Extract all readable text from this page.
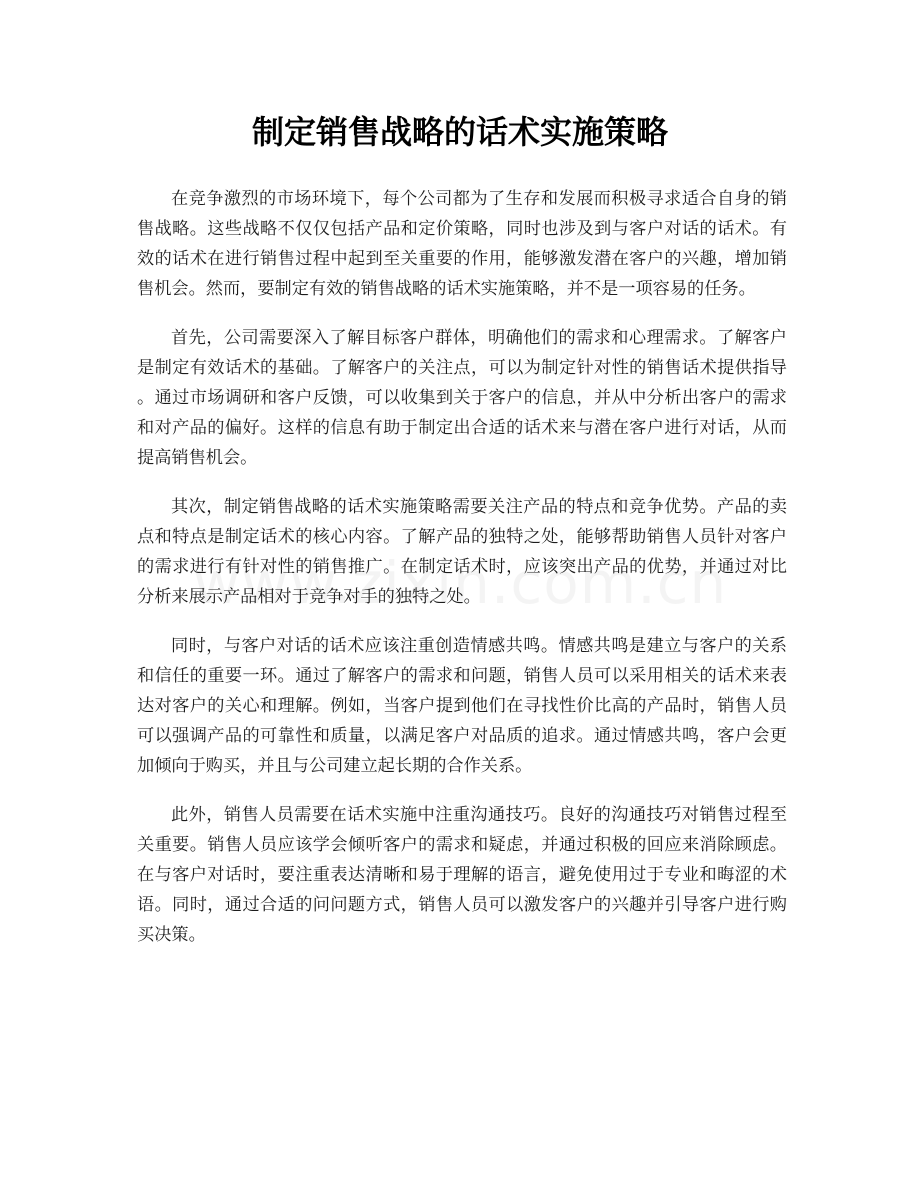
制定销售战略的话术实施策略

在竞争激烈的市场环境下，每个公司都为了生存和发展而积极寻求适合自身的销售战略。这些战略不仅仅包括产品和定价策略，同时也涉及到与客户对话的话术。有效的话术在进行销售过程中起到至关重要的作用，能够激发潜在客户的兴趣，增加销售机会。然而，要制定有效的销售战略的话术实施策略，并不是一项容易的任务。

首先，公司需要深入了解目标客户群体，明确他们的需求和心理需求。了解客户是制定有效话术的基础。了解客户的关注点，可以为制定针对性的销售话术提供指导。通过市场调研和客户反馈，可以收集到关于客户的信息，并从中分析出客户的需求和对产品的偏好。这样的信息有助于制定出合适的话术来与潜在客户进行对话，从而提高销售机会。

其次，制定销售战略的话术实施策略需要关注产品的特点和竞争优势。产品的卖点和特点是制定话术的核心内容。了解产品的独特之处，能够帮助销售人员针对客户的需求进行有针对性的销售推广。在制定话术时，应该突出产品的优势，并通过对比分析来展示产品相对于竞争对手的独特之处。

同时，与客户对话的话术应该注重创造情感共鸣。情感共鸣是建立与客户的关系和信任的重要一环。通过了解客户的需求和问题，销售人员可以采用相关的话术来表达对客户的关心和理解。例如，当客户提到他们在寻找性价比高的产品时，销售人员可以强调产品的可靠性和质量，以满足客户对品质的追求。通过情感共鸣，客户会更加倾向于购买，并且与公司建立起长期的合作关系。

此外，销售人员需要在话术实施中注重沟通技巧。良好的沟通技巧对销售过程至关重要。销售人员应该学会倾听客户的需求和疑虑，并通过积极的回应来消除顾虑。在与客户对话时，要注重表达清晰和易于理解的语言，避免使用过于专业和晦涩的术语。同时，通过合适的问问题方式，销售人员可以激发客户的兴趣并引导客户进行购买决策。
